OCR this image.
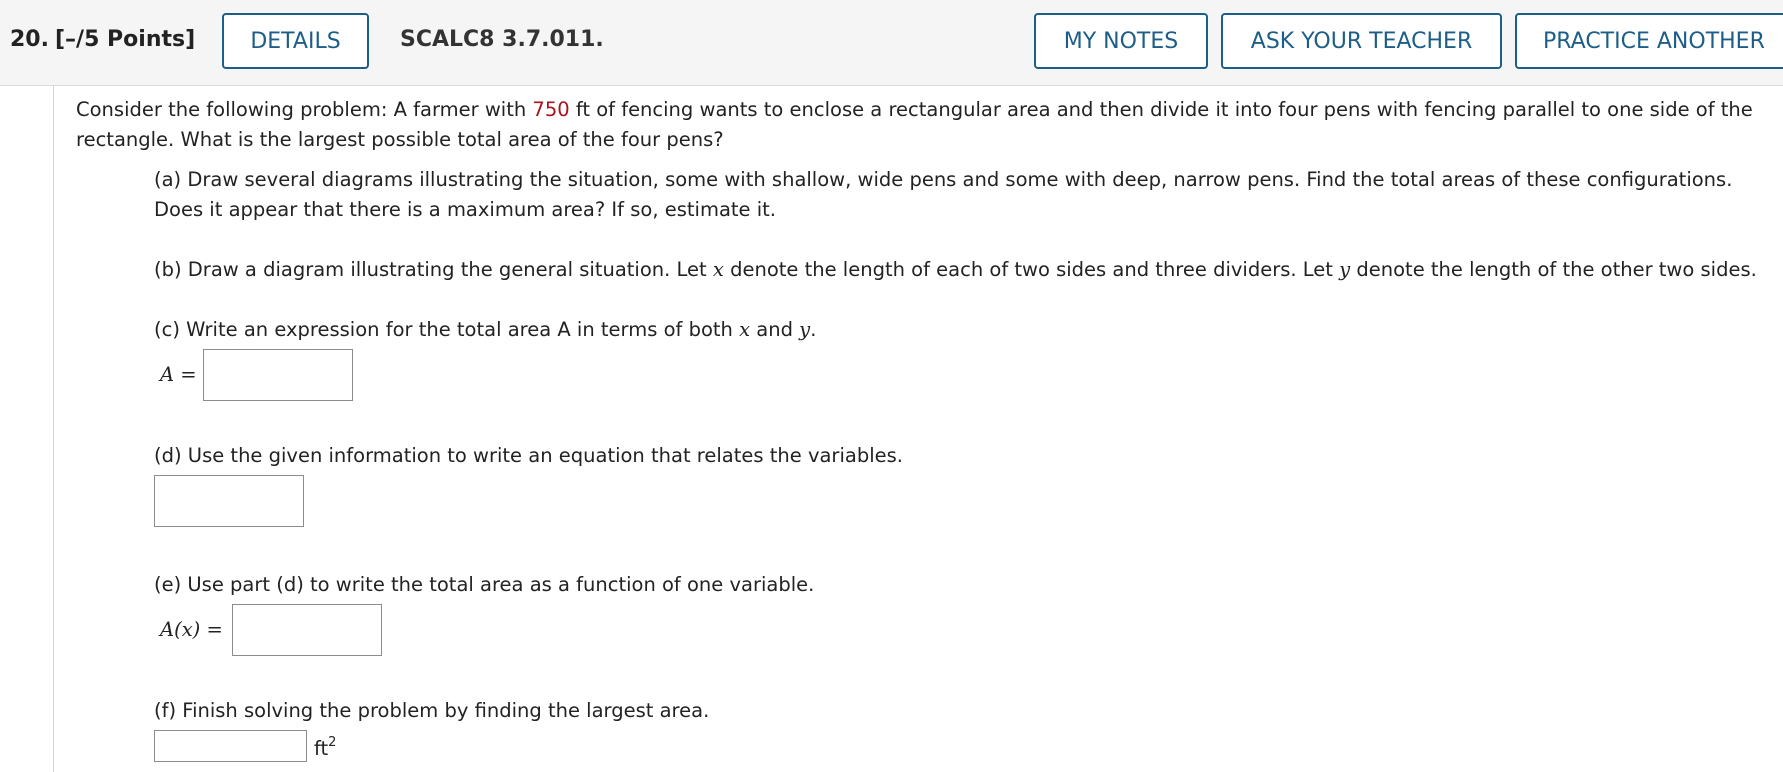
20. [–/5 Points]	DETAILS	SCALC8 3.7.011.	MY NOTES	ASK YOUR TEACHER	PRACTICE ANOTHER
Consider the following problem: A farmer with 750 ft of fencing wants to enclose a rectangular area and then divide it into four pens with fencing parallel to one side of the rectangle. What is the largest possible total area of the four pens?
(a) Draw several diagrams illustrating the situation, some with shallow, wide pens and some with deep, narrow pens. Find the total areas of these configurations. Does it appear that there is a maximum area? If so, estimate it.
(b) Draw a diagram illustrating the general situation. Let x denote the length of each of two sides and three dividers. Let y denote the length of the other two sides.
(c) Write an expression for the total area A in terms of both x and y.
A =
(d) Use the given information to write an equation that relates the variables.
(e) Use part (d) to write the total area as a function of one variable.
A(x) =
(f) Finish solving the problem by finding the largest area.
$ft^2$
